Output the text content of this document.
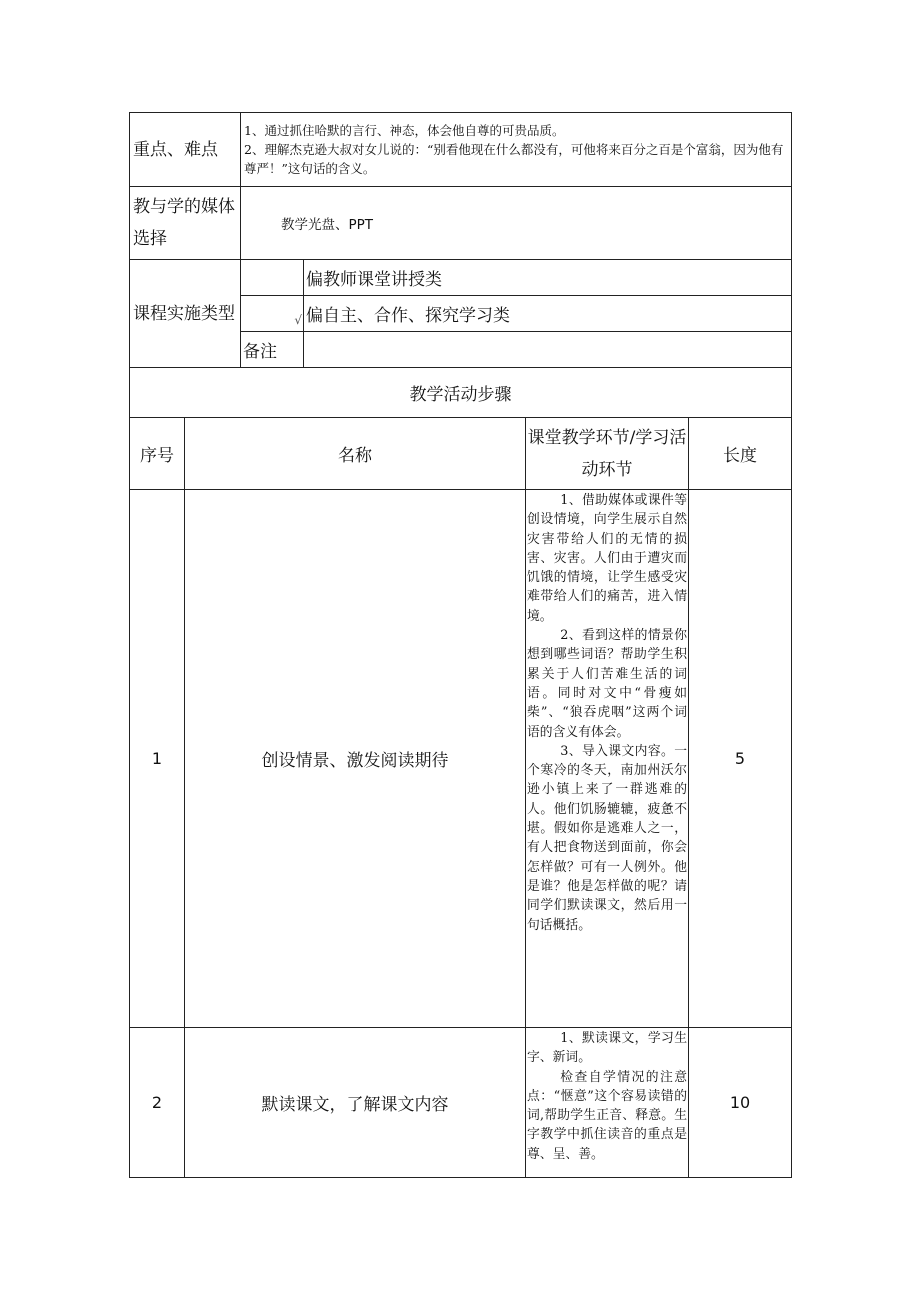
重点、难点		1、通过抓住哈默的言行、神态，体会他自尊的可贵品质。
2、理解杰克逊大叔对女儿说的：“别看他现在什么都没有，可他将来百分之百是个富翁，因为他有尊严！”这句话的含义。			

教与学的媒体选择		教学光盘、PPT			
课程实施类型			偏教师课堂讲授类		
		√	偏自主、合作、探究学习类		
		备注			
教学活动步骤					
序号	名称			课堂教学环节/学习活动环节	长度
1	创设情景、激发阅读期待			1、借助媒体或课件等创设情境，向学生展示自然灾害带给人们的无情的损害、灾害。人们由于遭灾而饥饿的情境，让学生感受灾难带给人们的痛苦，进入情境。

2、看到这样的情景你想到哪些词语？帮助学生积累关于人们苦难生活的词语。同时对文中“骨瘦如柴”、“狼吞虎咽”这两个词语的含义有体会。

3、导入课文内容。一个寒冷的冬天，南加州沃尔逊小镇上来了一群逃难的人。他们饥肠辘辘，疲惫不堪。假如你是逃难人之一，有人把食物送到面前，你会怎样做？可有一人例外。他是谁？他是怎样做的呢？请同学们默读课文，然后用一句话概括。	5
2	默读课文，了解课文内容			1、默读课文，学习生字、新词。

检查自学情况的注意点：“惬意”这个容易读错的词,帮助学生正音、释意。生字教学中抓住读音的重点是尊、呈、善。	10
